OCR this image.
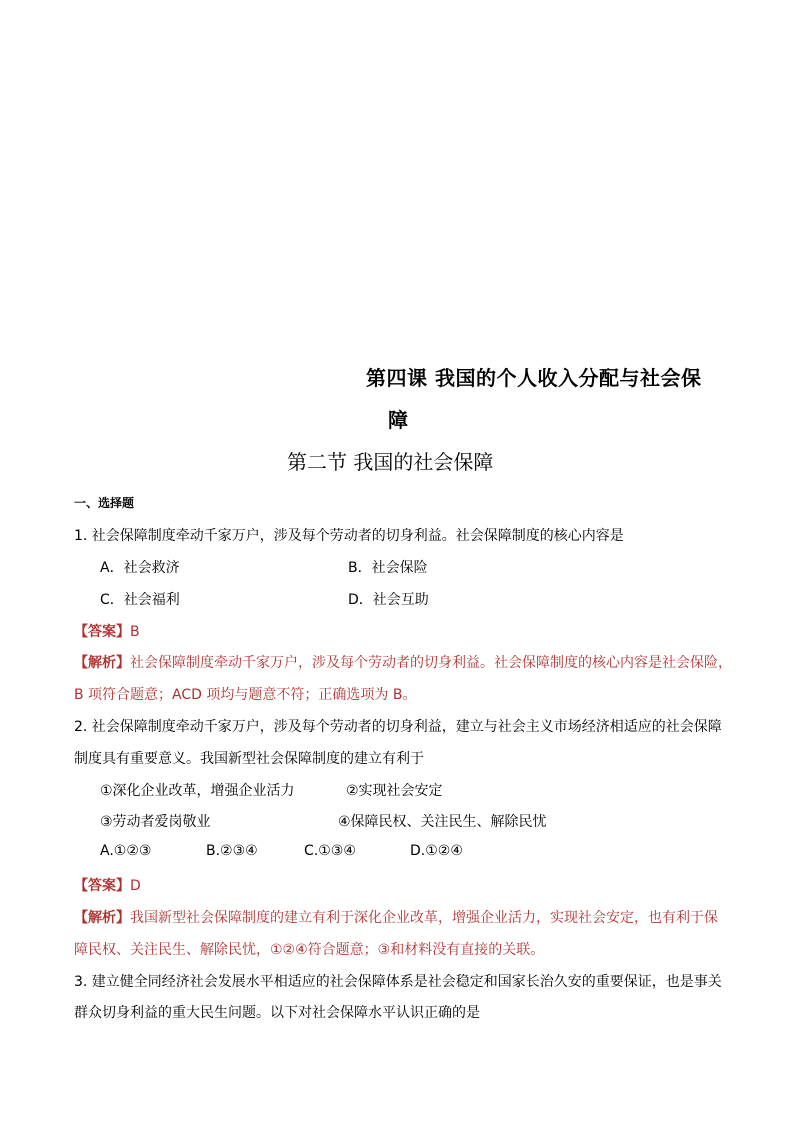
第四课 我国的个人收入分配与社会保
障
第二节 我国的社会保障
一、选择题
1. 社会保障制度牵动千家万户，涉及每个劳动者的切身利益。社会保障制度的核心内容是
A．社会救济	B．社会保险
C．社会福利	D．社会互助
【答案】B
【解析】社会保障制度牵动千家万户，涉及每个劳动者的切身利益。社会保障制度的核心内容是社会保险，
B 项符合题意；ACD 项均与题意不符；正确选项为 B。
2. 社会保障制度牵动千家万户，涉及每个劳动者的切身利益，建立与社会主义市场经济相适应的社会保障
制度具有重要意义。我国新型社会保障制度的建立有利于
①深化企业改革，增强企业活力	②实现社会安定
③劳动者爱岗敬业	④保障民权、关注民生、解除民忧
A.①②③	B.②③④	C.①③④	D.①②④
【答案】D
【解析】我国新型社会保障制度的建立有利于深化企业改革，增强企业活力，实现社会安定，也有利于保
障民权、关注民生、解除民忧，①②④符合题意；③和材料没有直接的关联。
3. 建立健全同经济社会发展水平相适应的社会保障体系是社会稳定和国家长治久安的重要保证，也是事关
群众切身利益的重大民生问题。以下对社会保障水平认识正确的是
